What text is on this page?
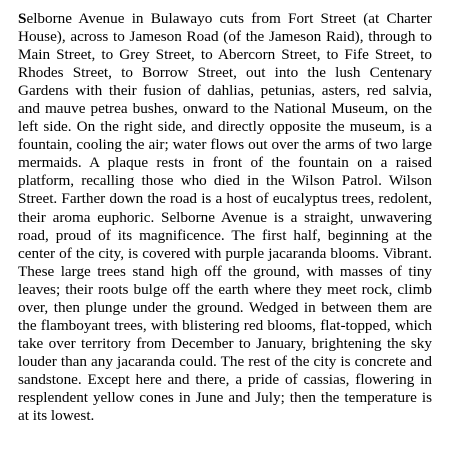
Selborne Avenue in Bulawayo cuts from Fort Street (at Charter House), across to Jameson Road (of the Jameson Raid), through to Main Street, to Grey Street, to Abercorn Street, to Fife Street, to Rhodes Street, to Borrow Street, out into the lush Centenary Gardens with their fusion of dahlias, petunias, asters, red salvia, and mauve petrea bushes, onward to the National Museum, on the left side. On the right side, and directly opposite the museum, is a fountain, cooling the air; water flows out over the arms of two large mermaids. A plaque rests in front of the fountain on a raised platform, recalling those who died in the Wilson Patrol. Wilson Street. Farther down the road is a host of eucalyptus trees, redolent, their aroma euphoric. Selborne Avenue is a straight, unwavering road, proud of its magnificence. The first half, beginning at the center of the city, is covered with purple jacaranda blooms. Vibrant. These large trees stand high off the ground, with masses of tiny leaves; their roots bulge off the earth where they meet rock, climb over, then plunge under the ground. Wedged in between them are the flamboyant trees, with blistering red blooms, flat-topped, which take over territory from December to January, brightening the sky louder than any jacaranda could. The rest of the city is concrete and sandstone. Except here and there, a pride of cassias, flowering in resplendent yellow cones in June and July; then the temperature is at its lowest.
